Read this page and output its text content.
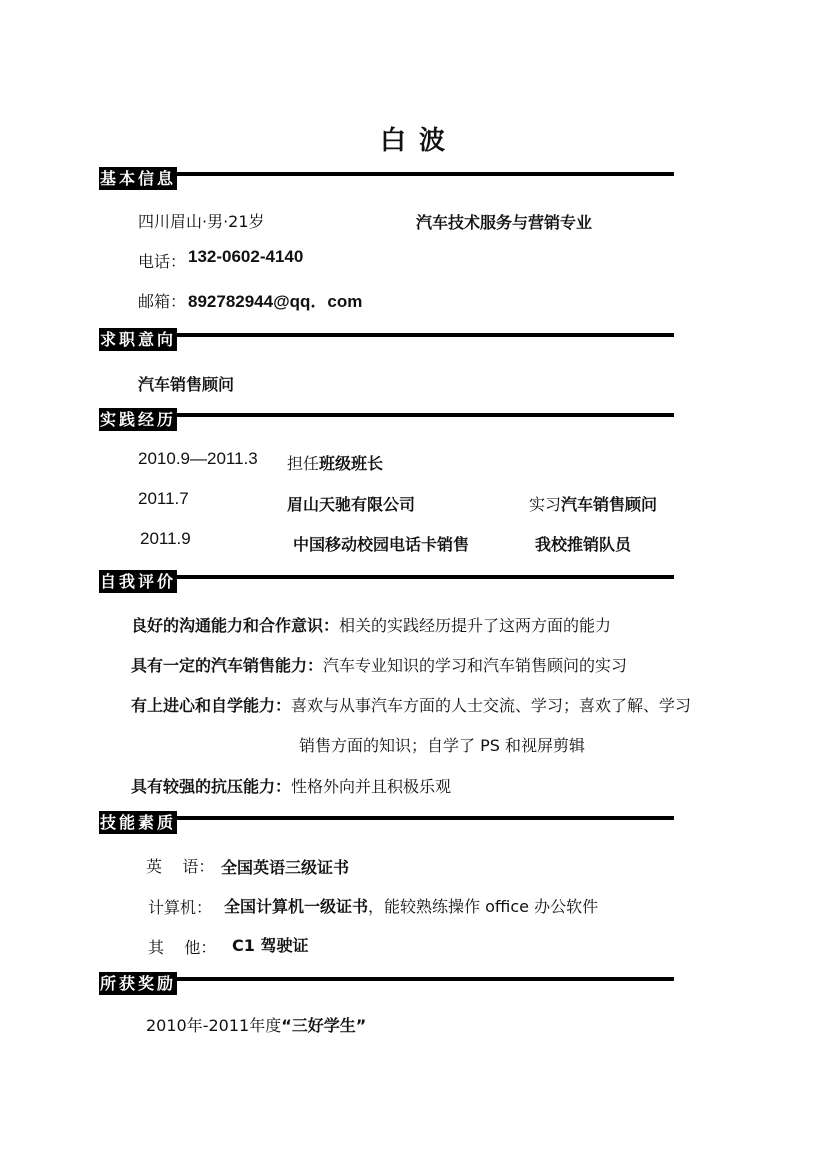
白 波
基本信息
四川眉山·男·21岁	汽车技术服务与营销专业
电话： 132-0602-4140
邮箱： 892782944@qq．com
求职意向
汽车销售顾问
实践经历
2010.9—2011.3 担任班级班长
2011.7	眉山天驰有限公司	实习汽车销售顾问
2011.9	中国移动校园电话卡销售	我校推销队员
自我评价
良好的沟通能力和合作意识：相关的实践经历提升了这两方面的能力
具有一定的汽车销售能力：汽车专业知识的学习和汽车销售顾问的实习
有上进心和自学能力：喜欢与从事汽车方面的人士交流、学习；喜欢了解、学习
销售方面的知识；自学了 PS 和视屏剪辑
具有较强的抗压能力：性格外向并且积极乐观
技能素质
英    语： 全国英语三级证书
计算机： 全国计算机一级证书，能较熟练操作 office 办公软件
其    他： C1 驾驶证
所获奖励
2010年-2011年度“三好学生”
